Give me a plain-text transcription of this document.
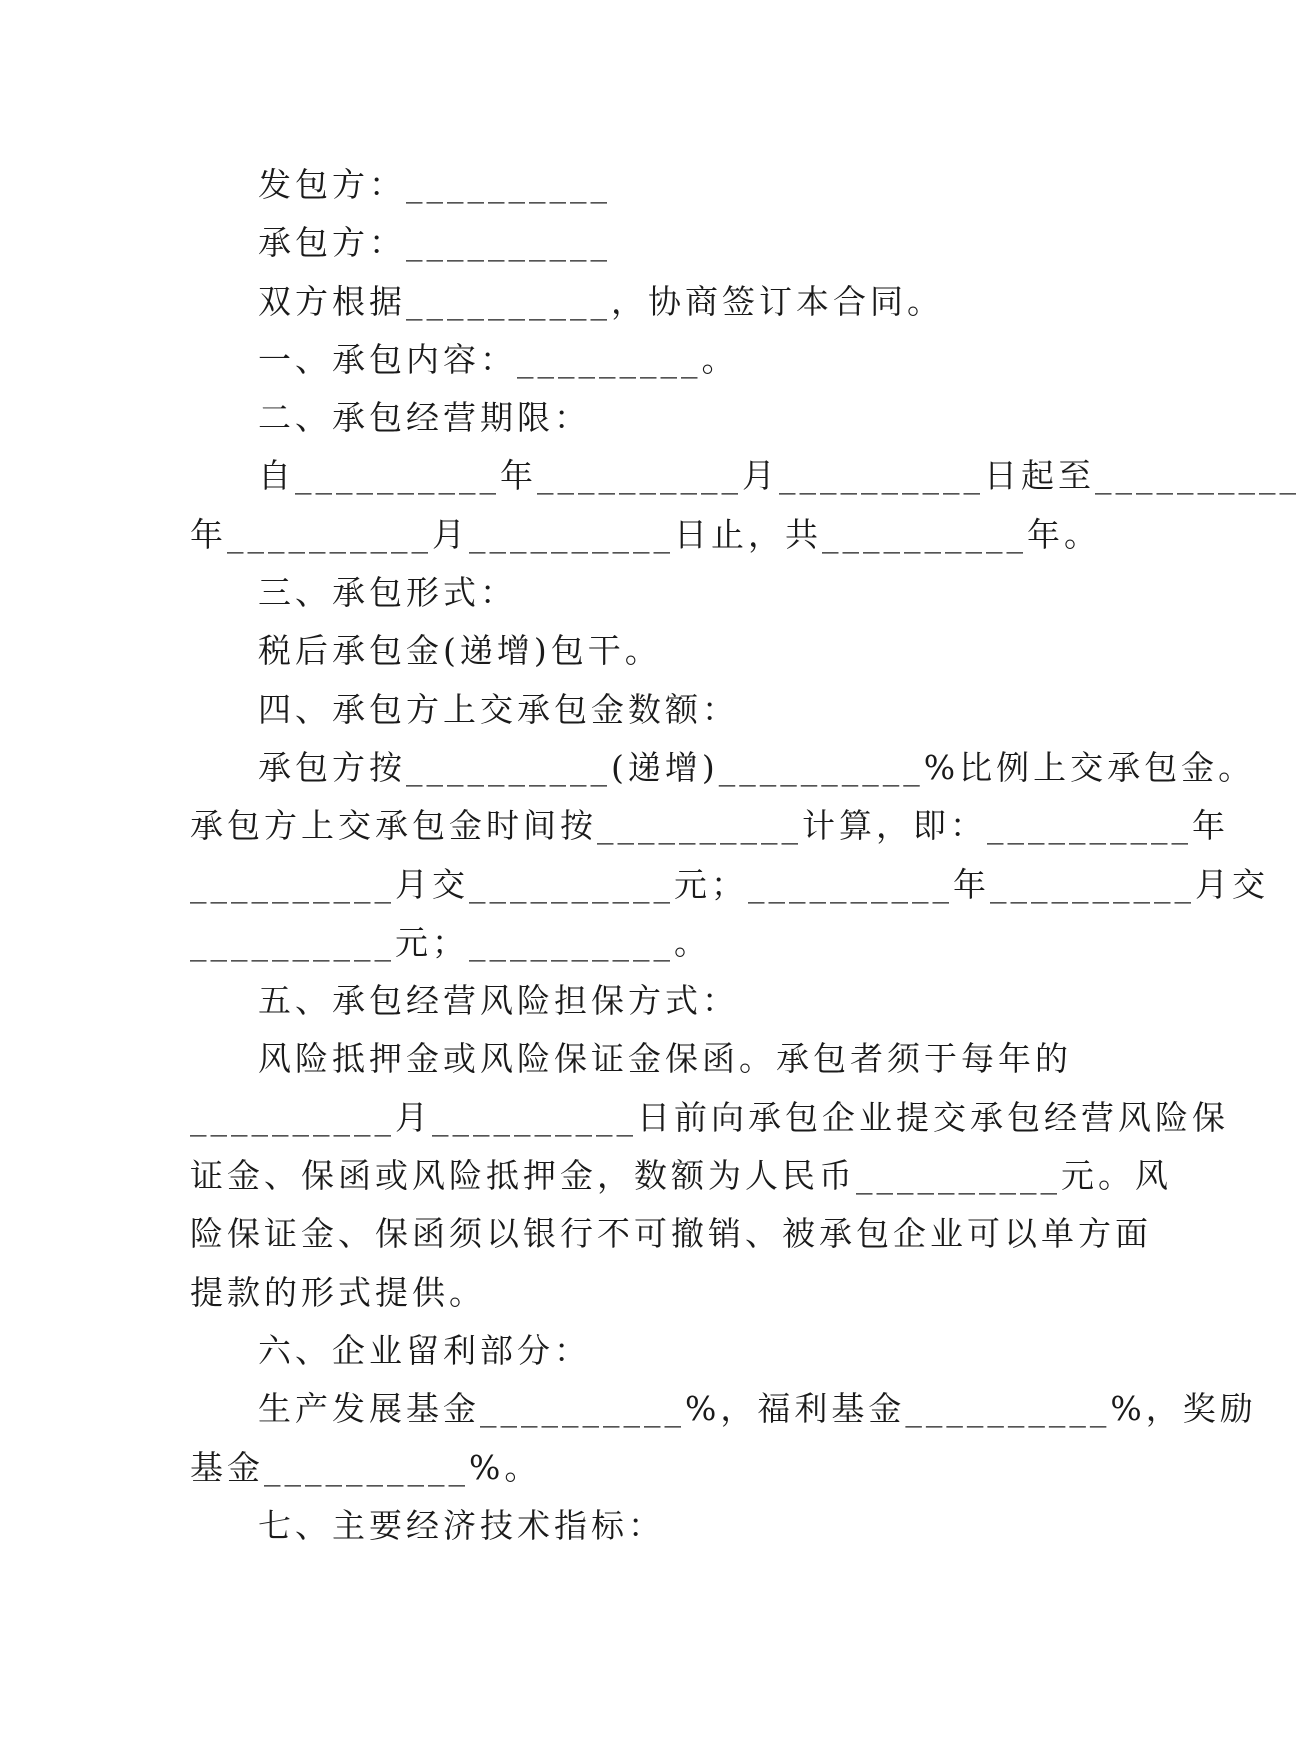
发包方：__________
承包方：__________
双方根据__________，协商签订本合同。
一、承包内容：_________。
二、承包经营期限：
自__________年__________月__________日起至__________
年__________月__________日止，共__________年。
三、承包形式：
税后承包金(递增)包干。
四、承包方上交承包金数额：
承包方按__________(递增)__________%比例上交承包金。
承包方上交承包金时间按__________计算，即：__________年
__________月交__________元；__________年__________月交
__________元；__________。
五、承包经营风险担保方式：
风险抵押金或风险保证金保函。承包者须于每年的
__________月__________日前向承包企业提交承包经营风险保
证金、保函或风险抵押金，数额为人民币__________元。风
险保证金、保函须以银行不可撤销、被承包企业可以单方面
提款的形式提供。
六、企业留利部分：
生产发展基金__________%，福利基金__________%，奖励
基金__________%。
七、主要经济技术指标：
